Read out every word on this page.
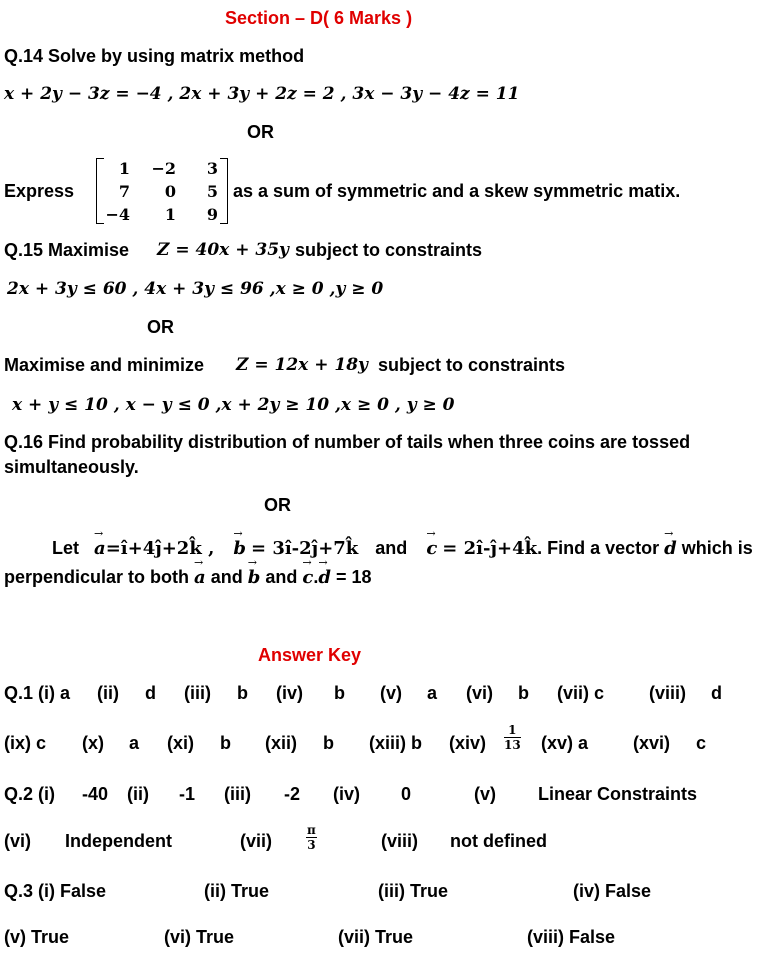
Section – D( 6 Marks )
Q.14 Solve by using matrix method
x + 2y − 3z = −4 , 2x + 3y + 2z = 2 , 3x − 3y − 4z = 11
OR
Express
1	−2	3
7	0	5
−4	1	9
as a sum of symmetric and a skew symmetric matix.
Q.15 Maximise Z = 40x + 35y subject to constraints
2x + 3y ≤ 60 , 4x + 3y ≤ 96 ,x ≥ 0 ,y ≥ 0
OR
Maximise and minimize Z = 12x + 18y subject to constraints
x + y ≤ 10 , x − y ≤ 0 ,x + 2y ≥ 10 ,x ≥ 0 , y ≥ 0
Q.16 Find probability distribution of number of tails when three coins are tossed
simultaneously.
OR
Let → a=î+4ĵ+2k̂ , → b = 3î-2ĵ+7k̂ and → c = 2î-ĵ+4k̂. Find a vector → d which is
perpendicular to both → a and → b and → c.→ d = 18
Answer Key
Q.1 (i) a (ii) d (iii) b (iv) b (v) a (vi) b (vii) c (viii) d
(ix) c (x) a (xi) b (xii) b (xiii) b $(xiv) \frac{1}{13} (xv)$ a (xvi) c
Q.2 (i) -40 (ii) -1 (iii) -2 (iv) 0	(v) Linear Constraints
(vi) Independent	(vii)	$\frac{\pi}{3}$	(viii) not defined
Q.3 (i) False	(ii) True	(iii) True	(iv) False
(v) True	(vi) True	(vii) True	(viii) False
